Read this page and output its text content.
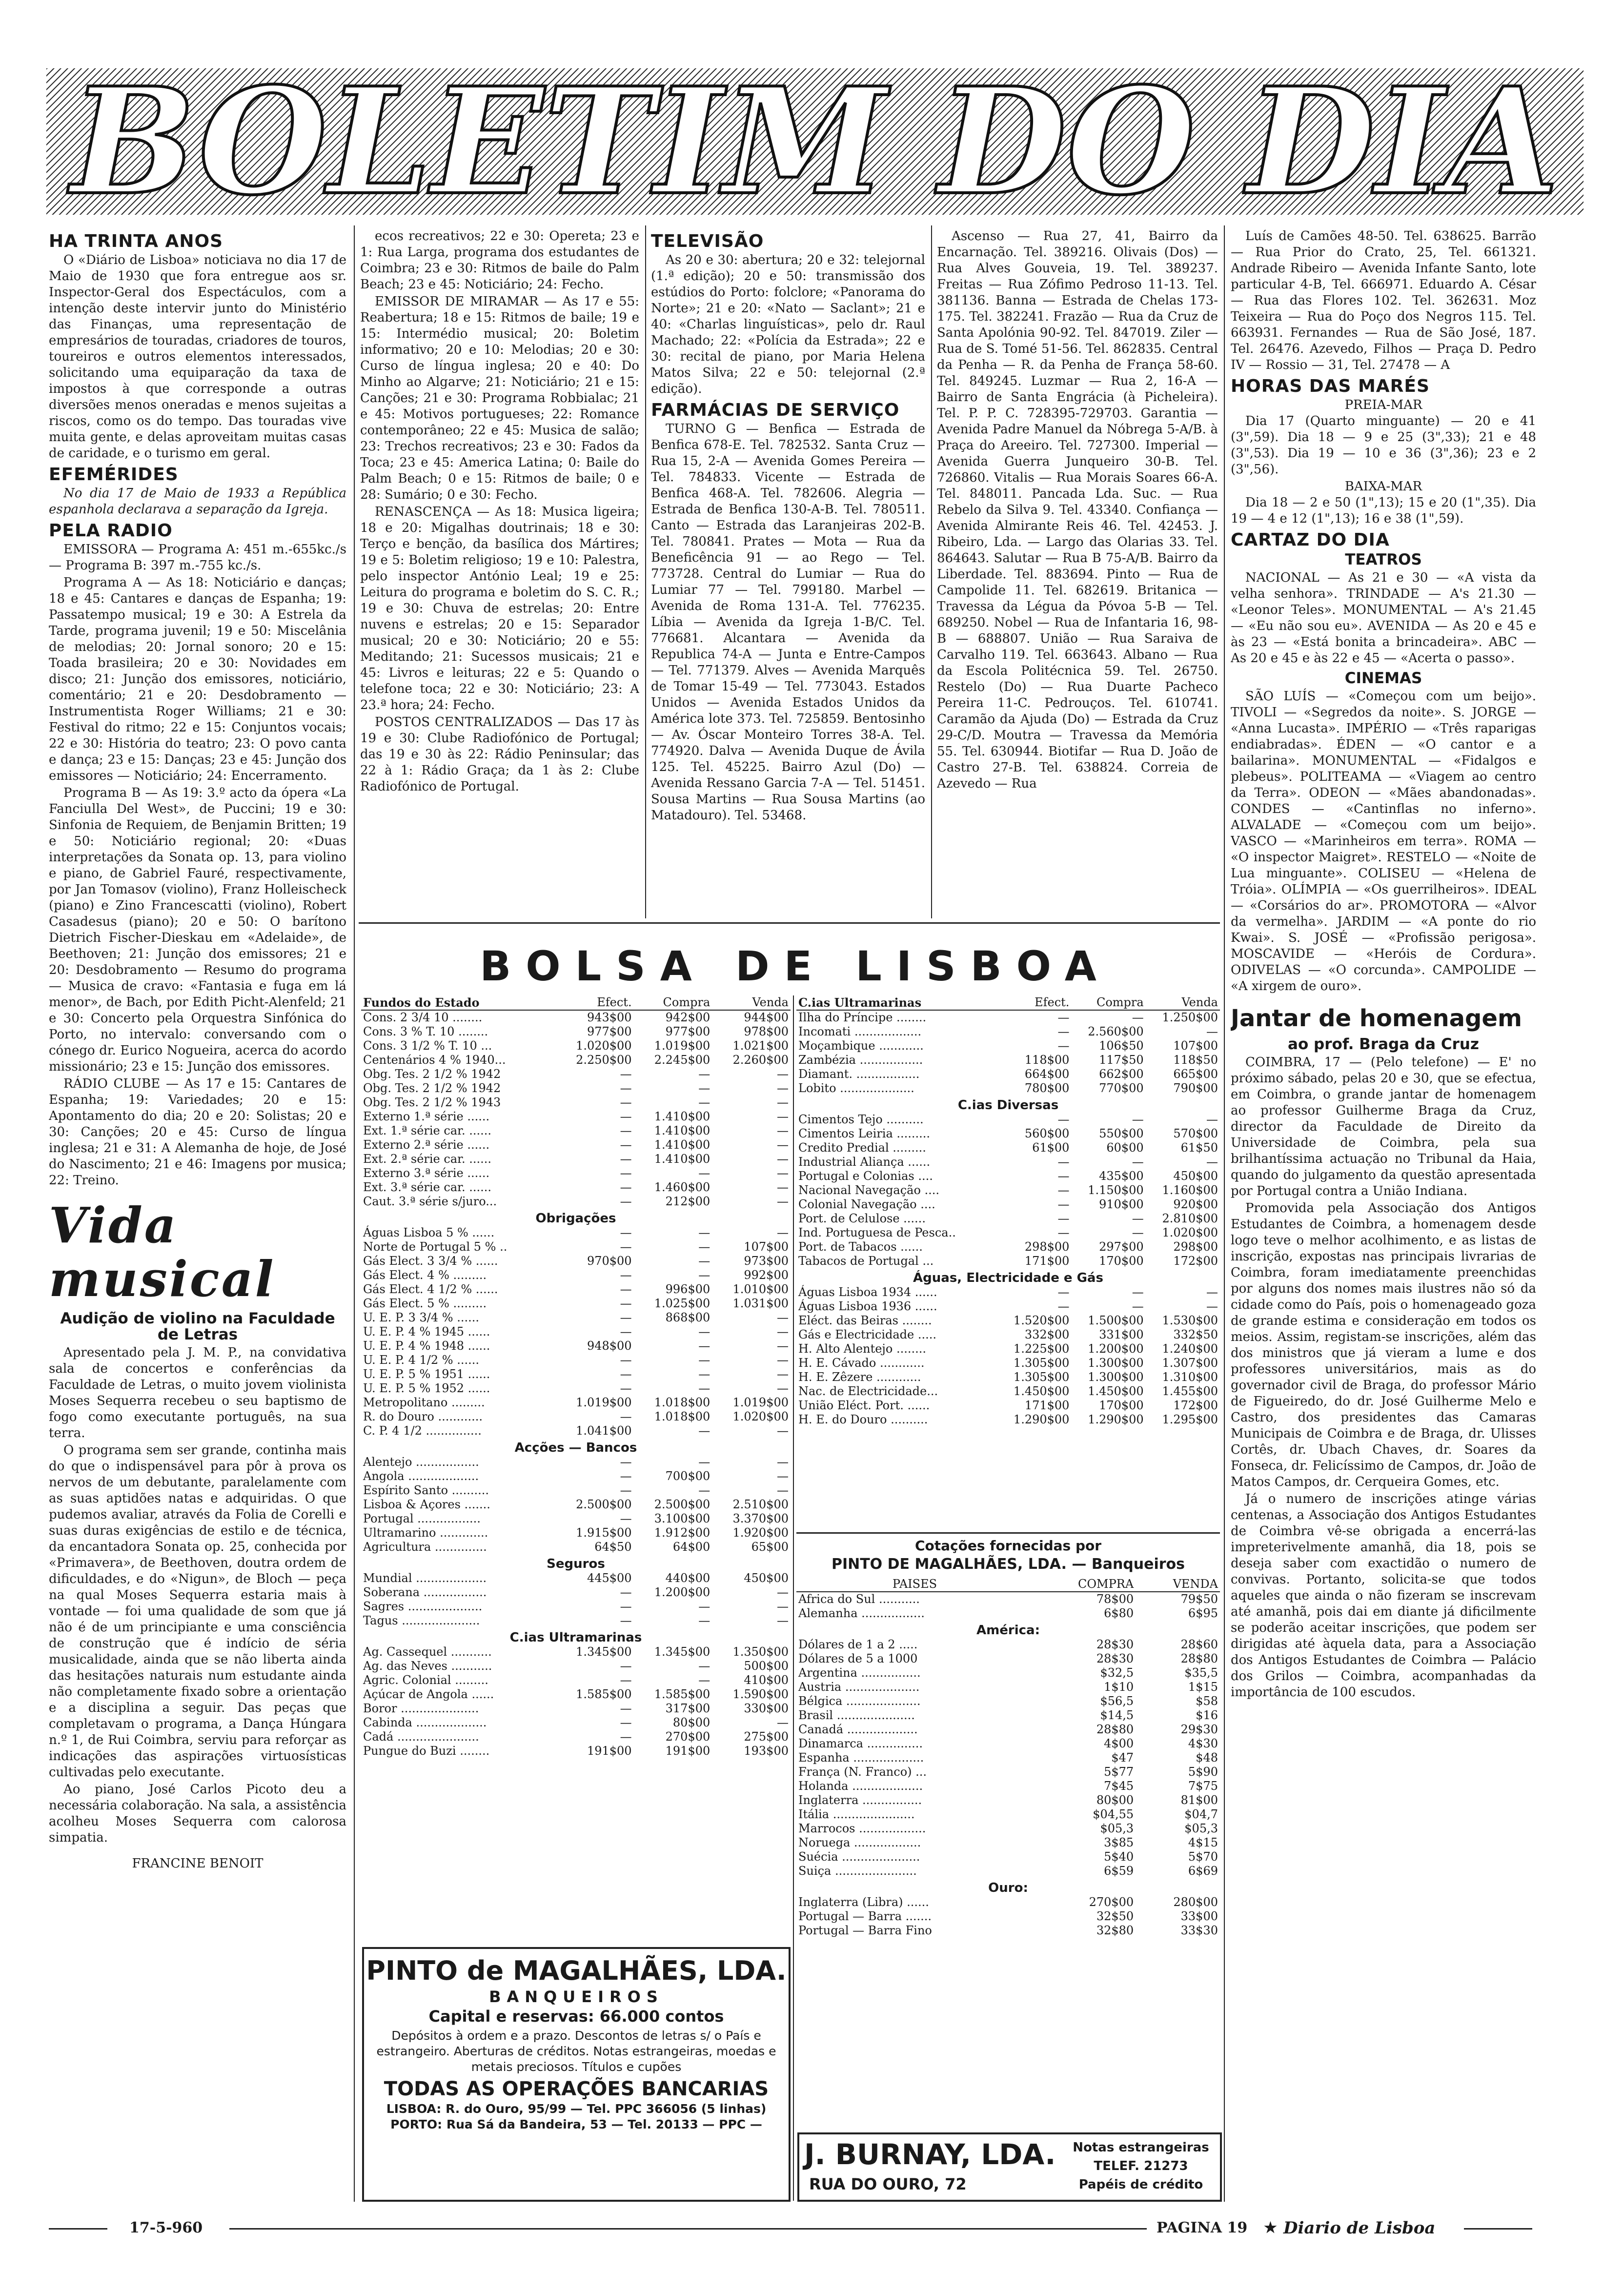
BOLETIM DO DIA
HA TRINTA ANOS

O «Diário de Lisboa» noticiava no dia 17 de Maio de 1930 que fora entregue aos sr. Inspector-Geral dos Espectáculos, com a intenção deste intervir junto do Ministério das Finanças, uma representação de empresários de touradas, criadores de touros, toureiros e outros elementos interessados, solicitando uma equiparação da taxa de impostos à que corresponde a outras diversões menos oneradas e menos sujeitas a riscos, como os do tempo. Das touradas vive muita gente, e delas aproveitam muitas casas de caridade, e o turismo em geral.

EFEMÉRIDES

No dia 17 de Maio de 1933 a República espanhola declarava a separação da Igreja.

PELA RADIO

EMISSORA — Programa A: 451 m.-655kc./s — Programa B: 397 m.-755 kc./s.

Programa A — As 18: Noticiário e danças; 18 e 45: Cantares e danças de Espanha; 19: Passatempo musical; 19 e 30: A Estrela da Tarde, programa juvenil; 19 e 50: Miscelânia de melodias; 20: Jornal sonoro; 20 e 15: Toada brasileira; 20 e 30: Novidades em disco; 21: Junção dos emissores, noticiário, comentário; 21 e 20: Desdobramento — Instrumentista Roger Williams; 21 e 30: Festival do ritmo; 22 e 15: Conjuntos vocais; 22 e 30: História do teatro; 23: O povo canta e dança; 23 e 15: Danças; 23 e 45: Junção dos emissores — Noticiário; 24: Encerramento.

Programa B — As 19: 3.º acto da ópera «La Fanciulla Del West», de Puccini; 19 e 30: Sinfonia de Requiem, de Benjamin Britten; 19 e 50: Noticiário regional; 20: «Duas interpretações da Sonata op. 13, para violino e piano, de Gabriel Fauré, respectivamente, por Jan Tomasov (violino), Franz Holleischeck (piano) e Zino Francescatti (violino), Robert Casadesus (piano); 20 e 50: O barítono Dietrich Fischer-Dieskau em «Adelaide», de Beethoven; 21: Junção dos emissores; 21 e 20: Desdobramento — Resumo do programa — Musica de cravo: «Fantasia e fuga em lá menor», de Bach, por Edith Picht-Alenfeld; 21 e 30: Concerto pela Orquestra Sinfónica do Porto, no intervalo: conversando com o cónego dr. Eurico Nogueira, acerca do acordo missionário; 23 e 15: Junção dos emissores.

RÁDIO CLUBE — As 17 e 15: Cantares de Espanha; 19: Variedades; 20 e 15: Apontamento do dia; 20 e 20: Solistas; 20 e 30: Canções; 20 e 45: Curso de língua inglesa; 21 e 31: A Alemanha de hoje, de José do Nascimento; 21 e 46: Imagens por musica; 22: Treino.

Vida musical
Audição de violino na Faculdade de Letras

Apresentado pela J. M. P., na convidativa sala de concertos e conferências da Faculdade de Letras, o muito jovem violinista Moses Sequerra recebeu o seu baptismo de fogo como executante português, na sua terra.

O programa sem ser grande, continha mais do que o indispensável para pôr à prova os nervos de um debutante, paralelamente com as suas aptidões natas e adquiridas. O que pudemos avaliar, através da Folia de Corelli e suas duras exigências de estilo e de técnica, da encantadora Sonata op. 25, conhecida por «Primavera», de Beethoven, doutra ordem de dificuldades, e do «Nigun», de Bloch — peça na qual Moses Sequerra estaria mais à vontade — foi uma qualidade de som que já não é de um principiante e uma consciência de construção que é indício de séria musicalidade, ainda que se não liberta ainda das hesitações naturais num estudante ainda não completamente fixado sobre a orientação e a disciplina a seguir. Das peças que completavam o programa, a Dança Húngara n.º 1, de Rui Coimbra, serviu para reforçar as indicações das aspirações virtuosísticas cultivadas pelo executante.

Ao piano, José Carlos Picoto deu a necessária colaboração. Na sala, a assistência acolheu Moses Sequerra com calorosa simpatia.

FRANCINE BENOIT

ecos recreativos; 22 e 30: Opereta; 23 e 1: Rua Larga, programa dos estudantes de Coimbra; 23 e 30: Ritmos de baile do Palm Beach; 23 e 45: Noticiário; 24: Fecho.

EMISSOR DE MIRAMAR — As 17 e 55: Reabertura; 18 e 15: Ritmos de baile; 19 e 15: Intermédio musical; 20: Boletim informativo; 20 e 10: Melodias; 20 e 30: Curso de língua inglesa; 20 e 40: Do Minho ao Algarve; 21: Noticiário; 21 e 15: Canções; 21 e 30: Programa Robbialac; 21 e 45: Motivos portugueses; 22: Romance contemporâneo; 22 e 45: Musica de salão; 23: Trechos recreativos; 23 e 30: Fados da Toca; 23 e 45: America Latina; 0: Baile do Palm Beach; 0 e 15: Ritmos de baile; 0 e 28: Sumário; 0 e 30: Fecho.

RENASCENÇA — As 18: Musica ligeira; 18 e 20: Migalhas doutrinais; 18 e 30: Terço e benção, da basílica dos Mártires; 19 e 5: Boletim religioso; 19 e 10: Palestra, pelo inspector António Leal; 19 e 25: Leitura do programa e boletim do S. C. R.; 19 e 30: Chuva de estrelas; 20: Entre nuvens e estrelas; 20 e 15: Separador musical; 20 e 30: Noticiário; 20 e 55: Meditando; 21: Sucessos musicais; 21 e 45: Livros e leituras; 22 e 5: Quando o telefone toca; 22 e 30: Noticiário; 23: A 23.ª hora; 24: Fecho.

POSTOS CENTRALIZADOS — Das 17 às 19 e 30: Clube Radiofónico de Portugal; das 19 e 30 às 22: Rádio Peninsular; das 22 à 1: Rádio Graça; da 1 às 2: Clube Radiofónico de Portugal.

TELEVISÃO

As 20 e 30: abertura; 20 e 32: telejornal (1.ª edição); 20 e 50: transmissão dos estúdios do Porto: folclore; «Panorama do Norte»; 21 e 20: «Nato — Saclant»; 21 e 40: «Charlas linguísticas», pelo dr. Raul Machado; 22: «Polícia da Estrada»; 22 e 30: recital de piano, por Maria Helena Matos Silva; 22 e 50: telejornal (2.ª edição).

FARMÁCIAS DE SERVIÇO

TURNO G — Benfica — Estrada de Benfica 678-E. Tel. 782532. Santa Cruz — Rua 15, 2-A — Avenida Gomes Pereira — Tel. 784833. Vicente — Estrada de Benfica 468-A. Tel. 782606. Alegria — Estrada de Benfica 130-A-B. Tel. 780511. Canto — Estrada das Laranjeiras 202-B. Tel. 780841. Prates — Mota — Rua da Beneficência 91 — ao Rego — Tel. 773728. Central do Lumiar — Rua do Lumiar 77 — Tel. 799180. Marbel — Avenida de Roma 131-A. Tel. 776235. Líbia — Avenida da Igreja 1-B/C. Tel. 776681. Alcantara — Avenida da Republica 74-A — Junta e Entre-Campos — Tel. 771379. Alves — Avenida Marquês de Tomar 15-49 — Tel. 773043. Estados Unidos — Avenida Estados Unidos da América lote 373. Tel. 725859. Bentosinho — Av. Óscar Monteiro Torres 38-A. Tel. 774920. Dalva — Avenida Duque de Ávila 125. Tel. 45225. Bairro Azul (Do) — Avenida Ressano Garcia 7-A — Tel. 51451. Sousa Martins — Rua Sousa Martins (ao Matadouro). Tel. 53468.

Ascenso — Rua 27, 41, Bairro da Encarnação. Tel. 389216. Olivais (Dos) — Rua Alves Gouveia, 19. Tel. 389237. Freitas — Rua Zófimo Pedroso 11-13. Tel. 381136. Banna — Estrada de Chelas 173-175. Tel. 382241. Frazão — Rua da Cruz de Santa Apolónia 90-92. Tel. 847019. Ziler — Rua de S. Tomé 51-56. Tel. 862835. Central da Penha — R. da Penha de França 58-60. Tel. 849245. Luzmar — Rua 2, 16-A — Bairro de Santa Engrácia (à Picheleira). Tel. P. P. C. 728395-729703. Garantia — Avenida Padre Manuel da Nóbrega 5-A/B. à Praça do Areeiro. Tel. 727300. Imperial — Avenida Guerra Junqueiro 30-B. Tel. 726860. Vitalis — Rua Morais Soares 66-A. Tel. 848011. Pancada Lda. Suc. — Rua Rebelo da Silva 9. Tel. 43340. Confiança — Avenida Almirante Reis 46. Tel. 42453. J. Ribeiro, Lda. — Largo das Olarias 33. Tel. 864643. Salutar — Rua B 75-A/B. Bairro da Liberdade. Tel. 883694. Pinto — Rua de Campolide 11. Tel. 682619. Britanica — Travessa da Légua da Póvoa 5-B — Tel. 689250. Nobel — Rua de Infantaria 16, 98-B — 688807. União — Rua Saraiva de Carvalho 119. Tel. 663643. Albano — Rua da Escola Politécnica 59. Tel. 26750. Restelo (Do) — Rua Duarte Pacheco Pereira 11-C. Pedrouços. Tel. 610741. Caramão da Ajuda (Do) — Estrada da Cruz 29-C/D. Moutra — Travessa da Memória 55. Tel. 630944. Biotifar — Rua D. João de Castro 27-B. Tel. 638824. Correia de Azevedo — Rua

Luís de Camões 48-50. Tel. 638625. Barrão — Rua Prior do Crato, 25, Tel. 661321. Andrade Ribeiro — Avenida Infante Santo, lote particular 4-B, Tel. 666971. Eduardo A. César — Rua das Flores 102. Tel. 362631. Moz Teixeira — Rua do Poço dos Negros 115. Tel. 663931. Fernandes — Rua de São José, 187. Tel. 26476. Azevedo, Filhos — Praça D. Pedro IV — Rossio — 31, Tel. 27478 — A

HORAS DAS MARÉS
PREIA-MAR

Dia 17 (Quarto minguante) — 20 e 41 (3",59). Dia 18 — 9 e 25 (3",33); 21 e 48 (3",53). Dia 19 — 10 e 36 (3",36); 23 e 2 (3",56).

BAIXA-MAR

Dia 18 — 2 e 50 (1",13); 15 e 20 (1",35). Dia 19 — 4 e 12 (1",13); 16 e 38 (1",59).

CARTAZ DO DIA
TEATROS

NACIONAL — As 21 e 30 — «A vista da velha senhora». TRINDADE — A's 21.30 — «Leonor Teles». MONUMENTAL — A's 21.45 — «Eu não sou eu». AVENIDA — As 20 e 45 e às 23 — «Está bonita a brincadeira». ABC — As 20 e 45 e às 22 e 45 — «Acerta o passo».

CINEMAS

SÃO LUÍS — «Começou com um beijo». TIVOLI — «Segredos da noite». S. JORGE — «Anna Lucasta». IMPÉRIO — «Três raparigas endiabradas». ÉDEN — «O cantor e a bailarina». MONUMENTAL — «Fidalgos e plebeus». POLITEAMA — «Viagem ao centro da Terra». ODEON — «Mães abandonadas». CONDES — «Cantinflas no inferno». ALVALADE — «Começou com um beijo». VASCO — «Marinheiros em terra». ROMA — «O inspector Maigret». RESTELO — «Noite de Lua minguante». COLISEU — «Helena de Tróia». OLÍMPIA — «Os guerrilheiros». IDEAL — «Corsários do ar». PROMOTORA — «Alvor da vermelha». JARDIM — «A ponte do rio Kwai». S. JOSÉ — «Profissão perigosa». MOSCAVIDE — «Heróis de Cordura». ODIVELAS — «O corcunda». CAMPOLIDE — «A xirgem de ouro».

Jantar de homenagem
ao prof. Braga da Cruz

COIMBRA, 17 — (Pelo telefone) — E' no próximo sábado, pelas 20 e 30, que se efectua, em Coimbra, o grande jantar de homenagem ao professor Guilherme Braga da Cruz, director da Faculdade de Direito da Universidade de Coimbra, pela sua brilhantíssima actuação no Tribunal da Haia, quando do julgamento da questão apresentada por Portugal contra a União Indiana.

Promovida pela Associação dos Antigos Estudantes de Coimbra, a homenagem desde logo teve o melhor acolhimento, e as listas de inscrição, expostas nas principais livrarias de Coimbra, foram imediatamente preenchidas por alguns dos nomes mais ilustres não só da cidade como do País, pois o homenageado goza de grande estima e consideração em todos os meios. Assim, registam-se inscrições, além das dos ministros que já vieram a lume e dos professores universitários, mais as do governador civil de Braga, do professor Mário de Figueiredo, do dr. José Guilherme Melo e Castro, dos presidentes das Camaras Municipais de Coimbra e de Braga, dr. Ulisses Cortês, dr. Ubach Chaves, dr. Soares da Fonseca, dr. Felicíssimo de Campos, dr. João de Matos Campos, dr. Cerqueira Gomes, etc.

Já o numero de inscrições atinge várias centenas, a Associação dos Antigos Estudantes de Coimbra vê-se obrigada a encerrá-las impreterivelmente amanhã, dia 18, pois se deseja saber com exactidão o numero de convivas. Portanto, solicita-se que todos aqueles que ainda o não fizeram se inscrevam até amanhã, pois dai em diante já dificilmente se poderão aceitar inscrições, que podem ser dirigidas até àquela data, para a Associação dos Antigos Estudantes de Coimbra — Palácio dos Grilos — Coimbra, acompanhadas da importância de 100 escudos.

BOLSA DE LISBOA
Fundos do Estado	Efect.	Compra	Venda
Cons. 2 3/4 10 ........	943$00	942$00	944$00
Cons. 3 % T. 10 ........	977$00	977$00	978$00
Cons. 3 1/2 % T. 10 ...	1.020$00	1.019$00	1.021$00
Centenários 4 % 1940...	2.250$00	2.245$00	2.260$00
Obg. Tes. 2 1/2 % 1942	—	—	—
Obg. Tes. 2 1/2 % 1942	—	—	—
Obg. Tes. 2 1/2 % 1943	—	—	—
Externo 1.ª série ......	—	1.410$00	—
Ext. 1.ª série car. ......	—	1.410$00	—
Externo 2.ª série ......	—	1.410$00	—
Ext. 2.ª série car. ......	—	1.410$00	—
Externo 3.ª série ......	—	—	—
Ext. 3.ª série car. ......	—	1.460$00	—
Caut. 3.ª série s/juro...	—	212$00	—
Obrigações			
Águas Lisboa 5 % ......	—	—	—
Norte de Portugal 5 % ..	—	—	107$00
Gás Elect. 3 3/4 % ......	970$00	—	973$00
Gás Elect. 4 % .........	—	—	992$00
Gás Elect. 4 1/2 % ......	—	996$00	1.010$00
Gás Elect. 5 % .........	—	1.025$00	1.031$00
U. E. P. 3 3/4 % ......	—	868$00	—
U. E. P. 4 % 1945 ......	—	—	—
U. E. P. 4 % 1948 ......	948$00	—	—
U. E. P. 4 1/2 % ......	—	—	—
U. E. P. 5 % 1951 ......	—	—	—
U. E. P. 5 % 1952 ......	—	—	—
Metropolitano .........	1.019$00	1.018$00	1.019$00
R. do Douro ............	—	1.018$00	1.020$00
C. P. 4 1/2 ...............	1.041$00	—	—
Acções — Bancos			
Alentejo .................	—	—	—
Angola ...................	—	700$00	—
Espírito Santo ..........	—	—	—
Lisboa & Açores .......	2.500$00	2.500$00	2.510$00
Portugal .................	—	3.100$00	3.370$00
Ultramarino .............	1.915$00	1.912$00	1.920$00
Agricultura ..............	64$50	64$00	65$00
Seguros			
Mundial ...................	445$00	440$00	450$00
Soberana .................	—	1.200$00	—
Sagres ....................	—	—	—
Tagus .....................	—	—	—
C.ias Ultramarinas			
Ag. Cassequel ...........	1.345$00	1.345$00	1.350$00
Ag. das Neves ...........	—	—	500$00
Agric. Colonial .........	—	—	410$00
Açúcar de Angola ......	1.585$00	1.585$00	1.590$00
Boror .....................	—	317$00	330$00
Cabinda ...................	—	80$00	—
Cadá ......................	—	270$00	275$00
Pungue do Buzi ........	191$00	191$00	193$00
C.ias Ultramarinas	Efect.	Compra	Venda
Ilha do Príncipe ........	—	—	1.250$00
Incomati ..................	—	2.560$00	—
Moçambique ............	—	106$50	107$00
Zambézia .................	118$00	117$50	118$50
Diamant. .................	664$00	662$00	665$00
Lobito ....................	780$00	770$00	790$00
C.ias Diversas			
Cimentos Tejo ..........	—	—	—
Cimentos Leiria .........	560$00	550$00	570$00
Credito Predial .........	61$00	60$00	61$50
Industrial Aliança ......	—	—	—
Portugal e Colonias ....	—	435$00	450$00
Nacional Navegação ....	—	1.150$00	1.160$00
Colonial Navegação ....	—	910$00	920$00
Port. de Celulose ......	—	—	2.810$00
Ind. Portuguesa de Pesca..	—	—	1.020$00
Port. de Tabacos ......	298$00	297$00	298$00
Tabacos de Portugal ...	171$00	170$00	172$00
Águas, Electricidade e Gás			
Águas Lisboa 1934 ......	—	—	—
Águas Lisboa 1936 ......	—	—	—
Eléct. das Beiras ........	1.520$00	1.500$00	1.530$00
Gás e Electricidade .....	332$00	331$00	332$50
H. Alto Alentejo ........	1.225$00	1.200$00	1.240$00
H. E. Cávado ............	1.305$00	1.300$00	1.307$00
H. E. Zêzere ............	1.305$00	1.300$00	1.310$00
Nac. de Electricidade...	1.450$00	1.450$00	1.455$00
União Eléct. Port. ......	171$00	170$00	172$00
H. E. do Douro ..........	1.290$00	1.290$00	1.295$00
Cotações fornecidas por
PINTO DE MAGALHÃES, LDA. — Banqueiros
PAISES	COMPRA	VENDA
Africa do Sul ...........	78$00	79$50
Alemanha .................	6$80	6$95
América:		
Dólares de 1 a 2 .....	28$30	28$60
Dólares de 5 a 1000	28$30	28$80
Argentina ................	$32,5	$35,5
Austria ....................	1$10	1$15
Bélgica ....................	$56,5	$58
Brasil .....................	$14,5	$16
Canadá ...................	28$80	29$30
Dinamarca ...............	4$00	4$30
Espanha ...................	$47	$48
França (N. Franco) ...	5$77	5$90
Holanda ...................	7$45	7$75
Inglaterra ................	80$00	81$00
Itália ......................	$04,55	$04,7
Marrocos ..................	$05,3	$05,3
Noruega ..................	3$85	4$15
Suécia .....................	5$40	5$70
Suiça ......................	6$59	6$69
Ouro:		
Inglaterra (Libra) ......	270$00	280$00
Portugal — Barra .......	32$50	33$00
Portugal — Barra Fino	32$80	33$30
PINTO de MAGALHÃES, LDA.
BANQUEIROS
Capital e reservas: 66.000 contos
Depósitos à ordem e a prazo. Descontos de letras s/ o País e estrangeiro. Aberturas de créditos. Notas estrangeiras, moedas e metais preciosos. Títulos e cupões
TODAS AS OPERAÇÕES BANCARIAS
LISBOA: R. do Ouro, 95/99 — Tel. PPC 366056 (5 linhas)
PORTO: Rua Sá da Bandeira, 53 — Tel. 20133 — PPC —
J. BURNAY, LDA.
RUA DO OURO, 72
Notas estrangeiras
TELEF. 21273
Papéis de crédito
17-5-960	PAGINA 19 ★ Diario de Lisboa
